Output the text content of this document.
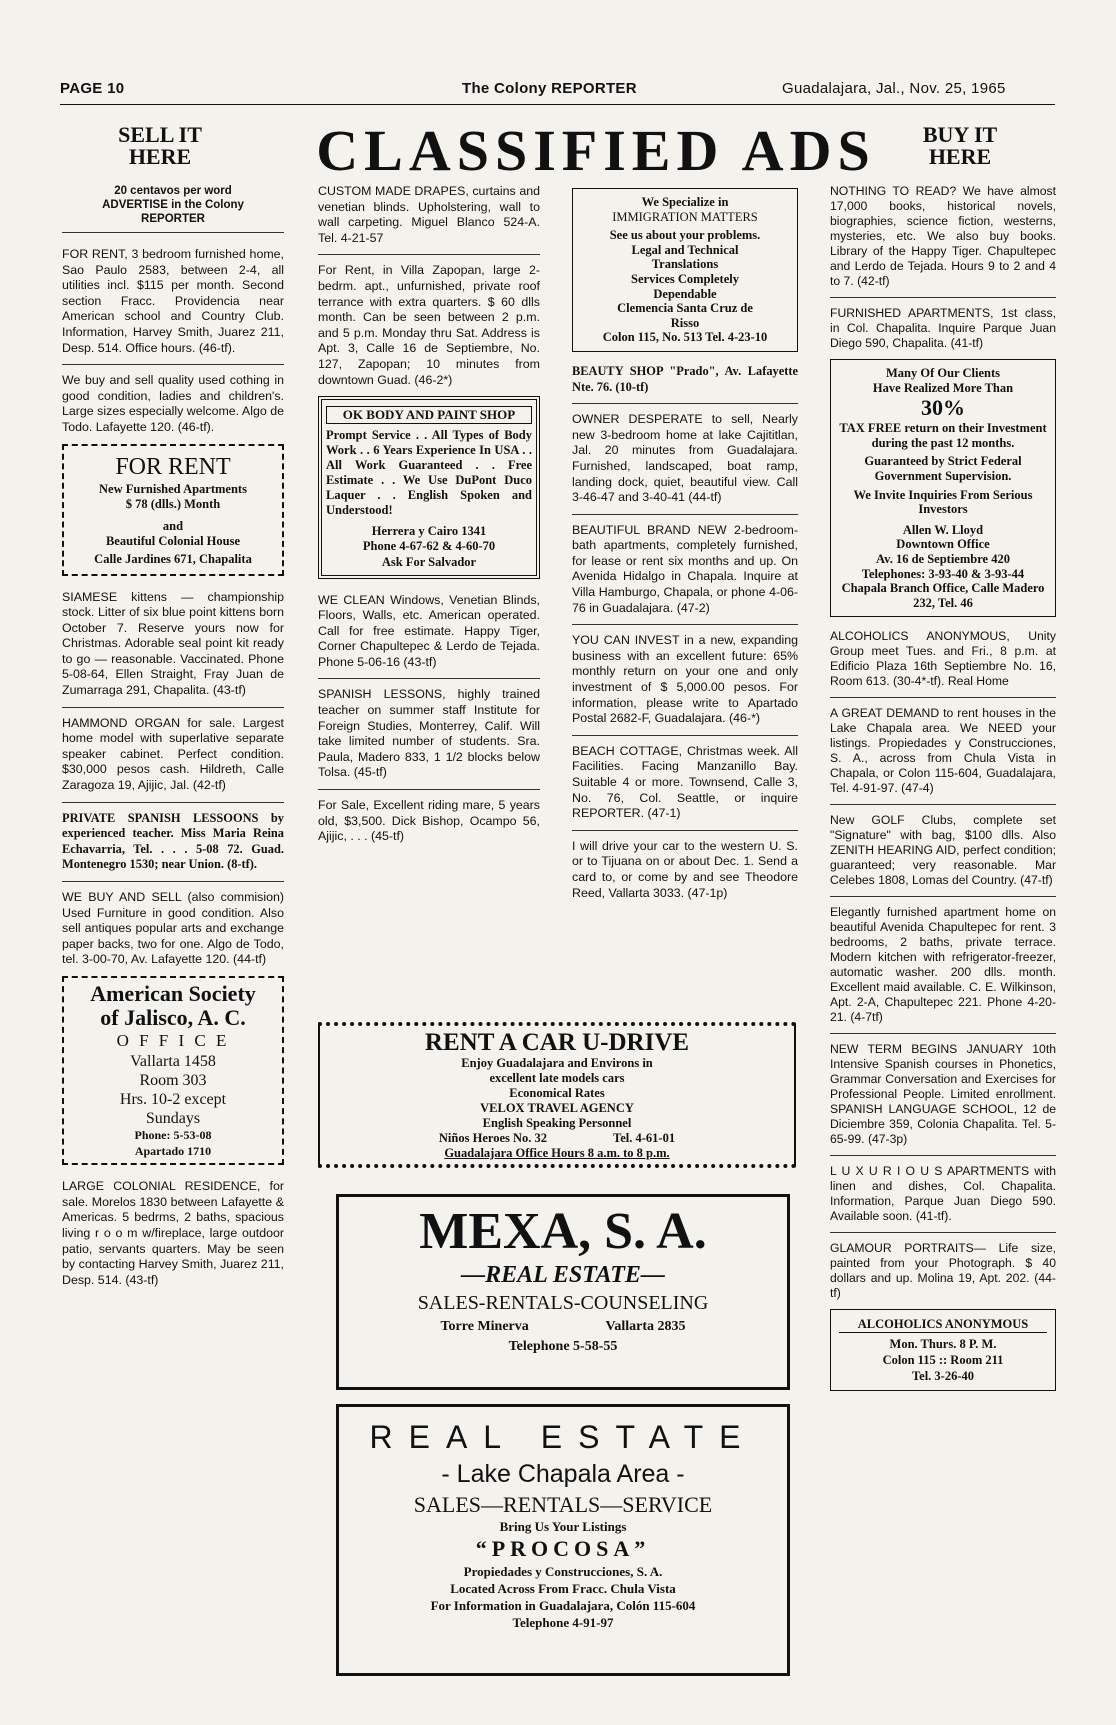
PAGE 10	The Colony REPORTER	Guadalajara, Jal., Nov. 25, 1965
SELL IT
HERE	CLASSIFIED ADS	BUY IT
HERE
20 centavos per word
ADVERTISE in the Colony
REPORTER
FOR RENT, 3 bedroom furnished home, Sao Paulo 2583, between 2-4, all utilities incl. $115 per month. Second section Fracc. Providencia near American school and Country Club. Information, Harvey Smith, Juarez 211, Desp. 514. Office hours. (46-tf).
We buy and sell quality used cothing in good condition, ladies and children's. Large sizes especially welcome. Algo de Todo. Lafayette 120. (46-tf).
FOR RENT
New Furnished Apartments
$ 78 (dlls.) Month
and
Beautiful Colonial House
Calle Jardines 671, Chapalita
SIAMESE kittens — championship stock. Litter of six blue point kittens born October 7. Reserve yours now for Christmas. Adorable seal point kit ready to go — reasonable. Vaccinated. Phone 5-08-64, Ellen Straight, Fray Juan de Zumarraga 291, Chapalita. (43-tf)
HAMMOND ORGAN for sale. Largest home model with superlative separate speaker cabinet. Perfect condition. $30,000 pesos cash. Hildreth, Calle Zaragoza 19, Ajijic, Jal. (42-tf)
PRIVATE SPANISH LESSOONS by experienced teacher. Miss Maria Reina Echavarria, Tel. . . . 5-08 72. Guad. Montenegro 1530; near Union. (8-tf).
WE BUY AND SELL (also commision) Used Furniture in good condition. Also sell antiques popular arts and exchange paper backs, two for one. Algo de Todo, tel. 3-00-70, Av. Lafayette 120. (44-tf)
American Society
of Jalisco, A. C.
O F F I C E
Vallarta 1458
Room 303
Hrs. 10-2 except
Sundays
Phone: 5-53-08
Apartado 1710
LARGE COLONIAL RESIDENCE, for sale. Morelos 1830 between Lafayette & Americas. 5 bedrms, 2 baths, spacious living r o o m w/fireplace, large outdoor patio, servants quarters. May be seen by contacting Harvey Smith, Juarez 211, Desp. 514. (43-tf)
CUSTOM MADE DRAPES, curtains and venetian blinds. Upholstering, wall to wall carpeting. Miguel Blanco 524-A. Tel. 4-21-57
For Rent, in Villa Zapopan, large 2-bedrm. apt., unfurnished, private roof terrance with extra quarters. $ 60 dlls month. Can be seen between 2 p.m. and 5 p.m. Monday thru Sat. Address is Apt. 3, Calle 16 de Septiembre, No. 127, Zapopan; 10 minutes from downtown Guad. (46-2*)
OK BODY AND PAINT SHOP
Prompt Service . . All Types of Body Work . . 6 Years Experience In USA . . All Work Guaranteed . . Free Estimate . . We Use DuPont Duco Laquer . . English Spoken and Understood!
Herrera y Cairo 1341
Phone 4-67-62 & 4-60-70
Ask For Salvador
WE CLEAN Windows, Venetian Blinds, Floors, Walls, etc. American operated. Call for free estimate. Happy Tiger, Corner Chapultepec & Lerdo de Tejada. Phone 5-06-16 (43-tf)
SPANISH LESSONS, highly trained teacher on summer staff Institute for Foreign Studies, Monterrey, Calif. Will take limited number of students. Sra. Paula, Madero 833, 1 1/2 blocks below Tolsa. (45-tf)
For Sale, Excellent riding mare, 5 years old, $3,500. Dick Bishop, Ocampo 56, Ajijic, . . . (45-tf)
We Specialize in
IMMIGRATION MATTERS
See us about your problems.
Legal and Technical
Translations
Services Completely
Dependable
Clemencia Santa Cruz de
Risso
Colon 115, No. 513 Tel. 4-23-10
BEAUTY SHOP "Prado", Av. Lafayette Nte. 76. (10-tf)
OWNER DESPERATE to sell, Nearly new 3-bedroom home at lake Cajititlan, Jal. 20 minutes from Guadalajara. Furnished, landscaped, boat ramp, landing dock, quiet, beautiful view. Call 3-46-47 and 3-40-41 (44-tf)
BEAUTIFUL BRAND NEW 2-bedroom-bath apartments, completely furnished, for lease or rent six months and up. On Avenida Hidalgo in Chapala. Inquire at Villa Hamburgo, Chapala, or phone 4-06-76 in Guadalajara. (47-2)
YOU CAN INVEST in a new, expanding business with an excellent future: 65% monthly return on your one and only investment of $ 5,000.00 pesos. For information, please write to Apartado Postal 2682-F, Guadalajara. (46-*)
BEACH COTTAGE, Christmas week. All Facilities. Facing Manzanillo Bay. Suitable 4 or more. Townsend, Calle 3, No. 76, Col. Seattle, or inquire REPORTER. (47-1)
I will drive your car to the western U. S. or to Tijuana on or about Dec. 1. Send a card to, or come by and see Theodore Reed, Vallarta 3033. (47-1p)
NOTHING TO READ? We have almost 17,000 books, historical novels, biographies, science fiction, westerns, mysteries, etc. We also buy books. Library of the Happy Tiger. Chapultepec and Lerdo de Tejada. Hours 9 to 2 and 4 to 7. (42-tf)
FURNISHED APARTMENTS, 1st class, in Col. Chapalita. Inquire Parque Juan Diego 590, Chapalita. (41-tf)
Many Of Our Clients
Have Realized More Than
30%
TAX FREE return on their Investment during the past 12 months.
Guaranteed by Strict Federal Government Supervision.
We Invite Inquiries From Serious Investors
Allen W. Lloyd
Downtown Office
Av. 16 de Septiembre 420
Telephones: 3-93-40 & 3-93-44
Chapala Branch Office, Calle Madero 232, Tel. 46
ALCOHOLICS ANONYMOUS, Unity Group meet Tues. and Fri., 8 p.m. at Edificio Plaza 16th Septiembre No. 16, Room 613. (30-4*-tf). Real Home
A GREAT DEMAND to rent houses in the Lake Chapala area. We NEED your listings. Propiedades y Construcciones, S. A., across from Chula Vista in Chapala, or Colon 115-604, Guadalajara, Tel. 4-91-97. (47-4)
New GOLF Clubs, complete set "Signature" with bag, $100 dlls. Also ZENITH HEARING AID, perfect condition; guaranteed; very reasonable. Mar Celebes 1808, Lomas del Country. (47-tf)
Elegantly furnished apartment home on beautiful Avenida Chapultepec for rent. 3 bedrooms, 2 baths, private terrace. Modern kitchen with refrigerator-freezer, automatic washer. 200 dlls. month. Excellent maid available. C. E. Wilkinson, Apt. 2-A, Chapultepec 221. Phone 4-20-21. (4-7tf)
NEW TERM BEGINS JANUARY 10th Intensive Spanish courses in Phonetics, Grammar Conversation and Exercises for Professional People. Limited enrollment. SPANISH LANGUAGE SCHOOL, 12 de Diciembre 359, Colonia Chapalita. Tel. 5-65-99. (47-3p)
L U X U R I O U S APARTMENTS with linen and dishes, Col. Chapalita. Information, Parque Juan Diego 590. Available soon. (41-tf).
GLAMOUR PORTRAITS— Life size, painted from your Photograph. $ 40 dollars and up. Molina 19, Apt. 202. (44-tf)
ALCOHOLICS ANONYMOUS
Mon. Thurs. 8 P. M.
Colon 115 :: Room 211
Tel. 3-26-40
RENT A CAR U-DRIVE
Enjoy Guadalajara and Environs in
excellent late models cars
Economical Rates
VELOX TRAVEL AGENCY
English Speaking Personnel
Niños Heroes No. 32	Tel. 4-61-01
Guadalajara Office Hours 8 a.m. to 8 p.m.
MEXA, S. A.
—REAL ESTATE—
SALES-RENTALS-COUNSELING
Torre Minerva	Vallarta 2835
Telephone 5-58-55
REAL ESTATE
- Lake Chapala Area -
SALES—RENTALS—SERVICE
Bring Us Your Listings
“PROCOSA”
Propiedades y Construcciones, S. A.
Located Across From Fracc. Chula Vista
For Information in Guadalajara, Colón 115-604
Telephone 4-91-97
